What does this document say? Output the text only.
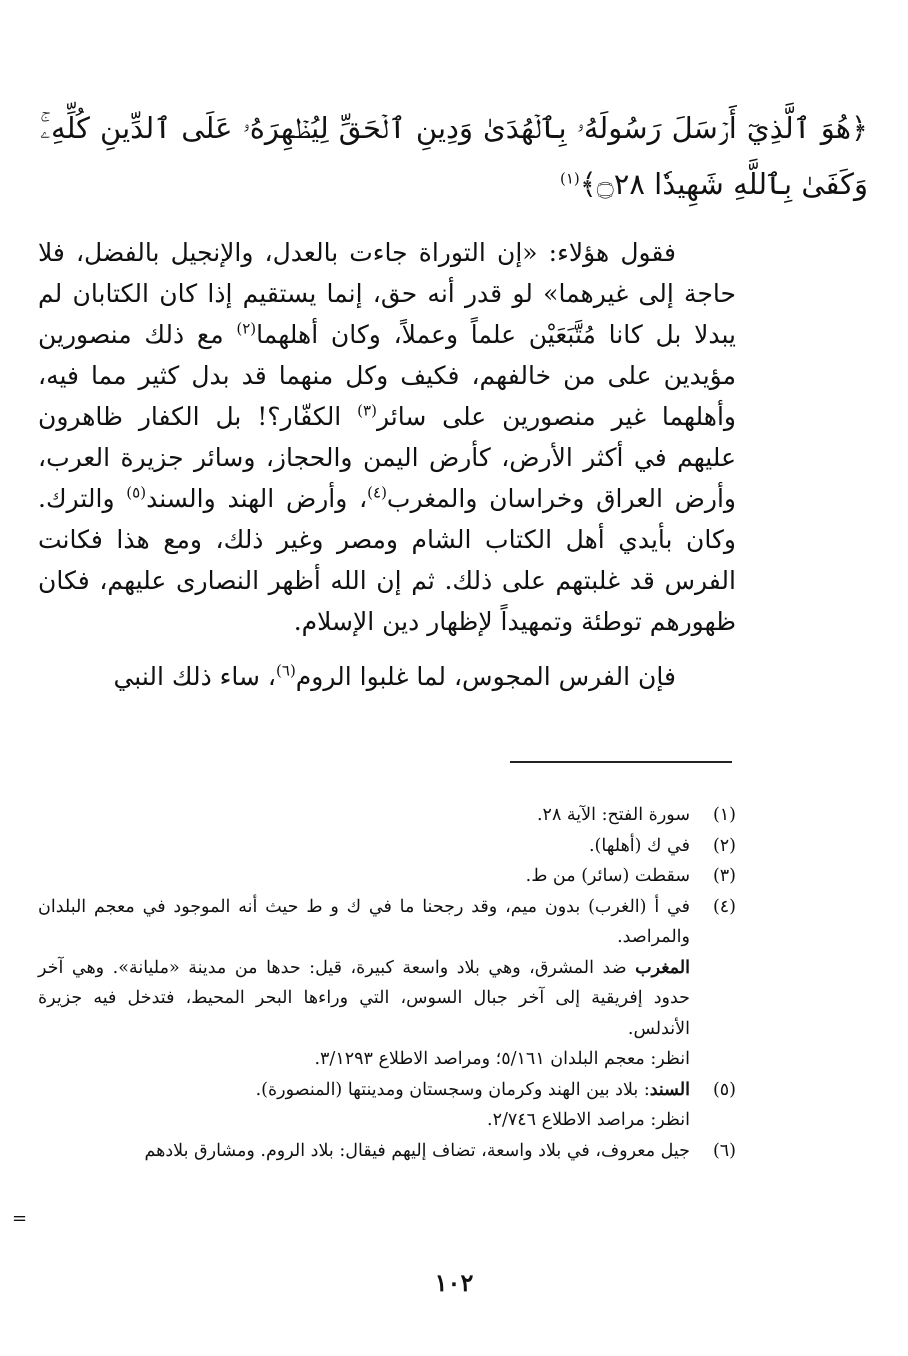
﴿هُوَ ٱلَّذِيٓ أَرۡسَلَ رَسُولَهُۥ بِٱلۡهُدَىٰ وَدِينِ ٱلۡحَقِّ لِيُظۡهِرَهُۥ عَلَى ٱلدِّينِ كُلِّهِۦۚ وَكَفَىٰ بِٱللَّهِ شَهِيدٗا ۝٢٨﴾$^{(١)}$

فقول هؤلاء: «إن التوراة جاءت بالعدل، والإنجيل بالفضل، فلا حاجة إلى غيرهما» لو قدر أنه حق، إنما يستقيم إذا كان الكتابان لم يبدلا بل كانا مُتَّبَعَيْن علماً وعملاً، وكان أهلهما$^{(٢)}$ مع ذلك منصورين مؤيدين على من خالفهم، فكيف وكل منهما قد بدل كثير مما فيه، وأهلهما غير منصورين على سائر$^{(٣)}$ الكفّار؟! بل الكفار ظاهرون عليهم في أكثر الأرض، كأرض اليمن والحجاز، وسائر جزيرة العرب، وأرض العراق وخراسان والمغرب$^{(٤)}$، وأرض الهند والسند$^{(٥)}$ والترك. وكان بأيدي أهل الكتاب الشام ومصر وغير ذلك، ومع هذا فكانت الفرس قد غلبتهم على ذلك. ثم إن الله أظهر النصارى عليهم، فكان ظهورهم توطئة وتمهيداً لإظهار دين الإسلام.

فإن الفرس المجوس، لما غلبوا الروم$^{(٦)}$، ساء ذلك النبي

(١)
سورة الفتح: الآية ٢٨.
(٢)
في ك (أهلها).
(٣)
سقطت (سائر) من ط.
(٤)
في أ (الغرب) بدون ميم، وقد رجحنا ما في ك و ط حيث أنه الموجود في معجم البلدان والمراصد.
المغرب ضد المشرق، وهي بلاد واسعة كبيرة، قيل: حدها من مدينة «مليانة». وهي آخر حدود إفريقية إلى آخر جبال السوس، التي وراءها البحر المحيط، فتدخل فيه جزيرة الأندلس.
انظر: معجم البلدان ٥/١٦١؛ ومراصد الاطلاع ٣/١٢٩٣.
(٥)
السند: بلاد بين الهند وكرمان وسجستان ومدينتها (المنصورة).
انظر: مراصد الاطلاع ٢/٧٤٦.
(٦)
جيل معروف، في بلاد واسعة، تضاف إليهم فيقال: بلاد الروم. ومشارق بلادهم
١٠٢
=
